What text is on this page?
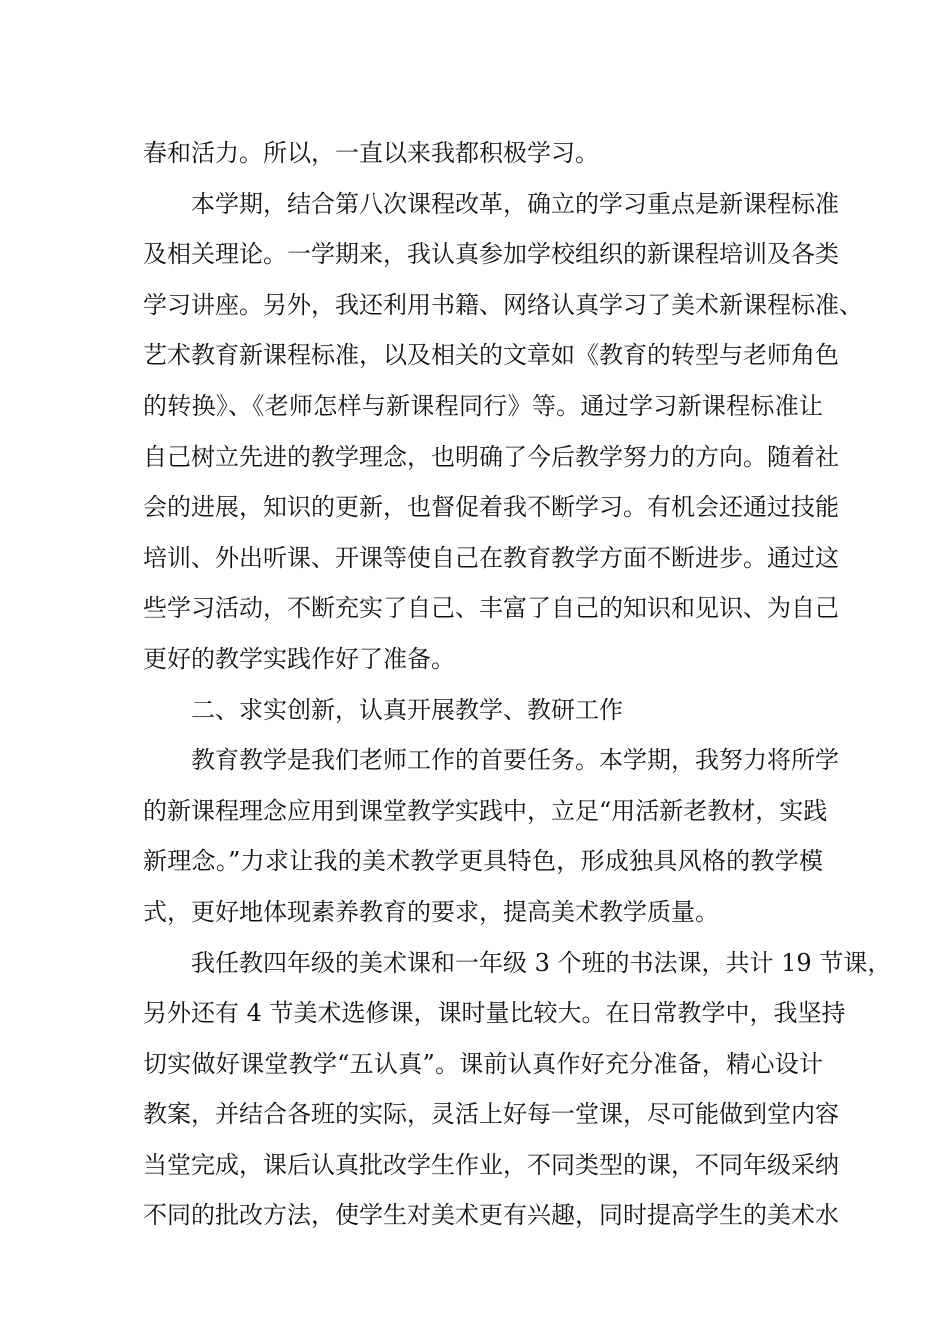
春和活力。所以，一直以来我都积极学习。
本学期，结合第八次课程改革，确立的学习重点是新课程标准
及相关理论。一学期来，我认真参加学校组织的新课程培训及各类
学习讲座。另外，我还利用书籍、网络认真学习了美术新课程标准、
艺术教育新课程标准，以及相关的文章如《教育的转型与老师角色
的转换》、《老师怎样与新课程同行》等。通过学习新课程标准让
自己树立先进的教学理念，也明确了今后教学努力的方向。随着社
会的进展，知识的更新，也督促着我不断学习。有机会还通过技能
培训、外出听课、开课等使自己在教育教学方面不断进步。通过这
些学习活动，不断充实了自己、丰富了自己的知识和见识、为自己
更好的教学实践作好了准备。
二、求实创新，认真开展教学、教研工作
教育教学是我们老师工作的首要任务。本学期，我努力将所学
的新课程理念应用到课堂教学实践中，立足“用活新老教材，实践
新理念。”力求让我的美术教学更具特色，形成独具风格的教学模
式，更好地体现素养教育的要求，提高美术教学质量。
我任教四年级的美术课和一年级 3 个班的书法课，共计 19 节课，
另外还有 4 节美术选修课，课时量比较大。在日常教学中，我坚持
切实做好课堂教学“五认真”。课前认真作好充分准备，精心设计
教案，并结合各班的实际，灵活上好每一堂课，尽可能做到堂内容
当堂完成，课后认真批改学生作业，不同类型的课，不同年级采纳
不同的批改方法，使学生对美术更有兴趣，同时提高学生的美术水
